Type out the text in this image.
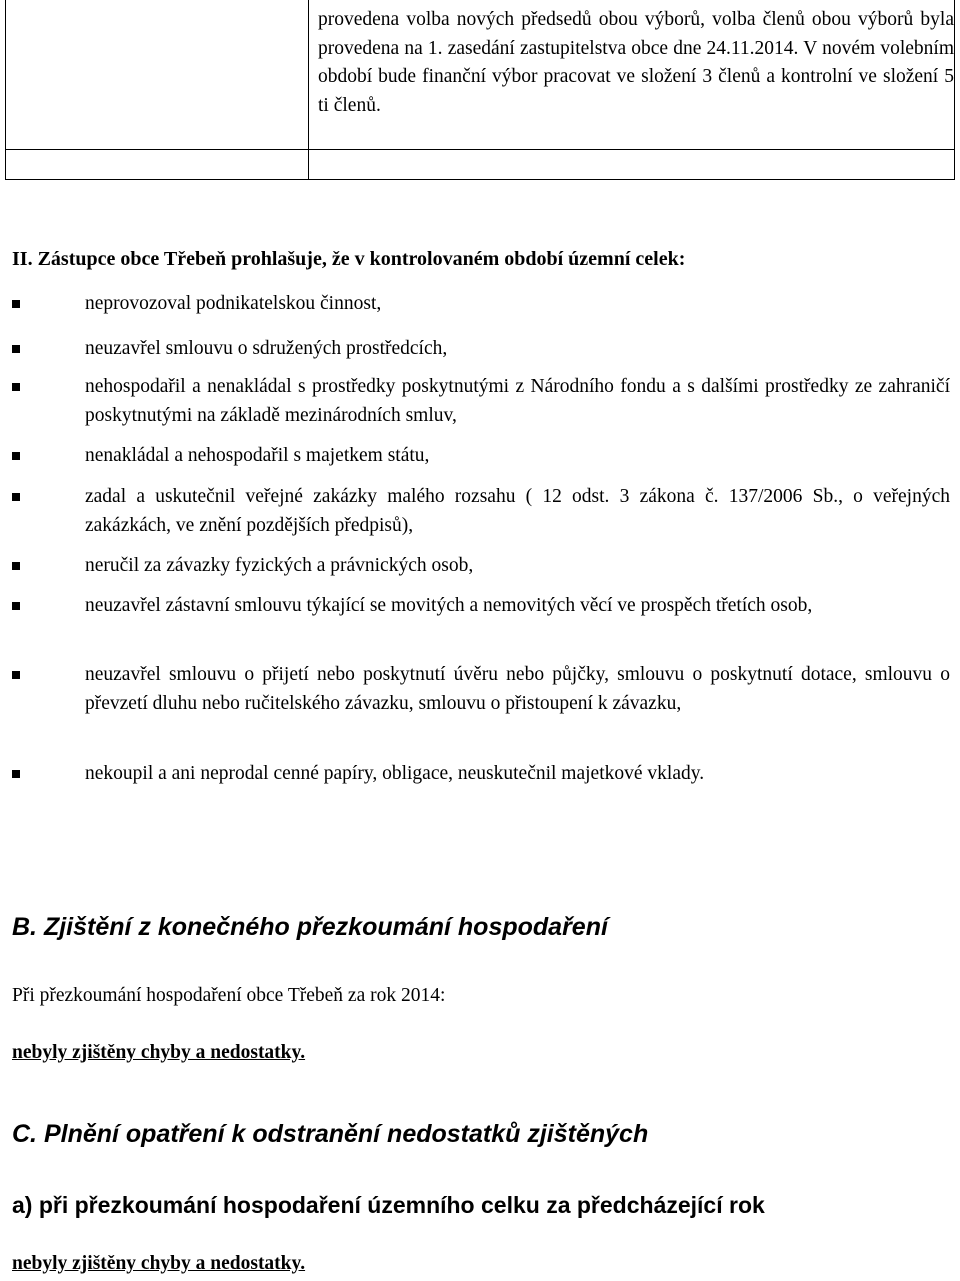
provedena volba nových předsedů obou výborů, volba členů obou výborů byla provedena na 1. zasedání zastupitelstva obce dne 24.11.2014. V novém volebním období bude finanční výbor pracovat ve složení 3 členů a kontrolní ve složení 5 ti členů.
II. Zástupce obce Třebeň prohlašuje, že v kontrolovaném období územní celek:
neprovozoval podnikatelskou činnost,
neuzavřel smlouvu o sdružených prostředcích,
nehospodařil a nenakládal s prostředky poskytnutými z Národního fondu a s dalšími prostředky ze zahraničí poskytnutými na základě mezinárodních smluv,
nenakládal a nehospodařil s majetkem státu,
zadal a uskutečnil veřejné zakázky malého rozsahu ( 12 odst. 3 zákona č. 137/2006 Sb., o veřejných zakázkách, ve znění pozdějších předpisů),
neručil za závazky fyzických a právnických osob,
neuzavřel zástavní smlouvu týkající se movitých a nemovitých věcí ve prospěch třetích osob,
neuzavřel smlouvu o přijetí nebo poskytnutí úvěru nebo půjčky, smlouvu o poskytnutí dotace, smlouvu o převzetí dluhu nebo ručitelského závazku, smlouvu o přistoupení k závazku,
nekoupil a ani neprodal cenné papíry, obligace, neuskutečnil majetkové vklady.
B. Zjištění z konečného přezkoumání hospodaření
Při přezkoumání hospodaření obce Třebeň za rok 2014:
nebyly zjištěny chyby a nedostatky.
C. Plnění opatření k odstranění nedostatků zjištěných
a) při přezkoumání hospodaření územního celku za předcházející rok
nebyly zjištěny chyby a nedostatky.
